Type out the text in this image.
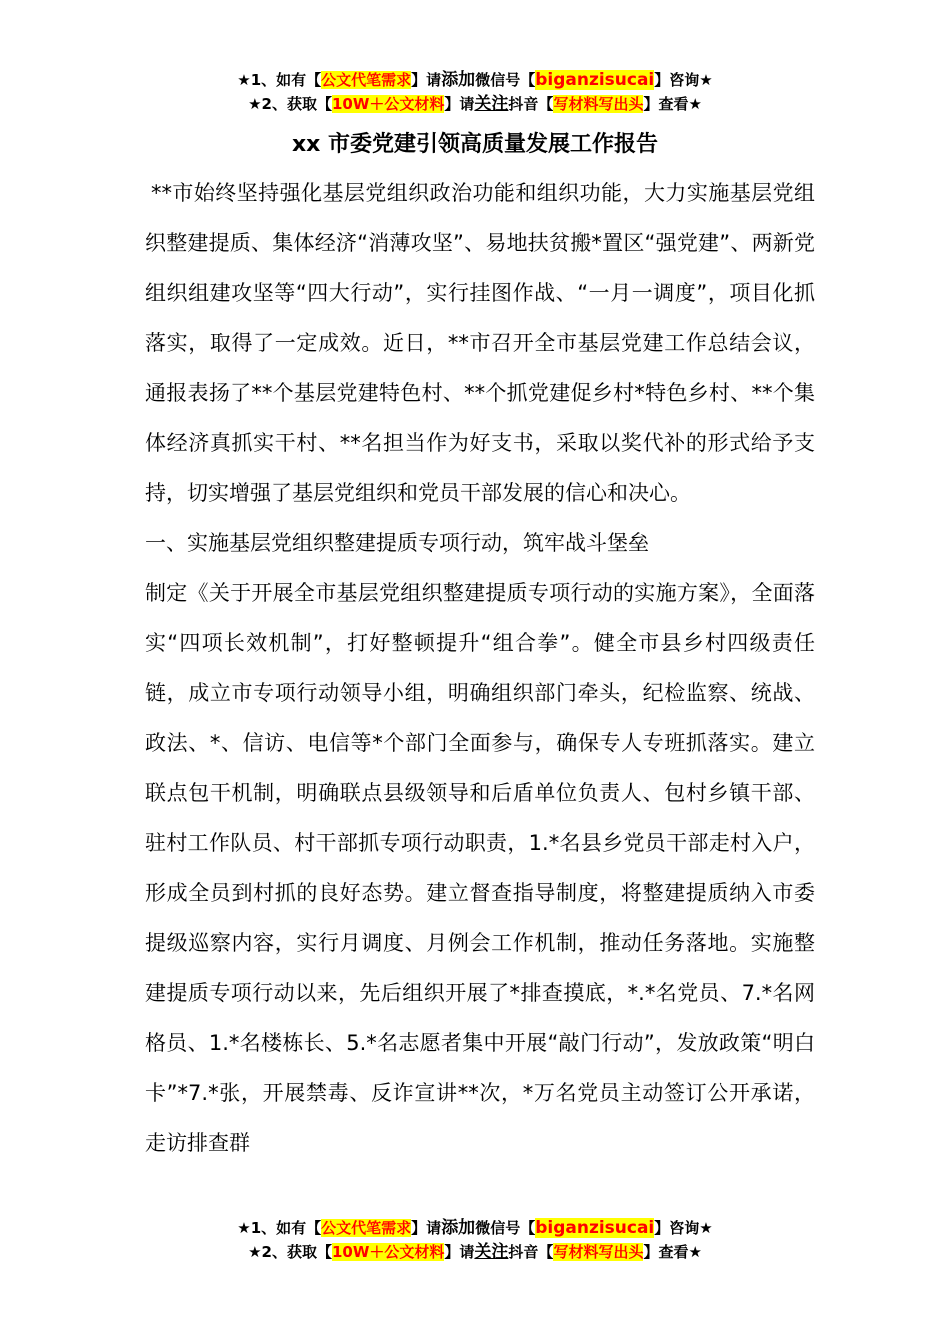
★1、如有【公文代笔需求】请添加微信号【biganzisucai】咨询★
★2、获取【10W＋公文材料】请关注抖音【写材料写出头】查看★
xx 市委党建引领高质量发展工作报告

**市始终坚持强化基层党组织政治功能和组织功能，大力实施基层党组织整建提质、集体经济“消薄攻坚”、易地扶贫搬*置区“强党建”、两新党组织组建攻坚等“四大行动”，实行挂图作战、“一月一调度”，项目化抓落实，取得了一定成效。近日，**市召开全市基层党建工作总结会议，通报表扬了**个基层党建特色村、**个抓党建促乡村*特色乡村、**个集体经济真抓实干村、**名担当作为好支书，采取以奖代补的形式给予支持，切实增强了基层党组织和党员干部发展的信心和决心。

一、实施基层党组织整建提质专项行动，筑牢战斗堡垒

制定《关于开展全市基层党组织整建提质专项行动的实施方案》，全面落实“四项长效机制”，打好整顿提升“组合拳”。健全市县乡村四级责任链，成立市专项行动领导小组，明确组织部门牵头，纪检监察、统战、政法、*、信访、电信等*个部门全面参与，确保专人专班抓落实。建立联点包干机制，明确联点县级领导和后盾单位负责人、包村乡镇干部、驻村工作队员、村干部抓专项行动职责，1.*名县乡党员干部走村入户，形成全员到村抓的良好态势。建立督查指导制度，将整建提质纳入市委提级巡察内容，实行月调度、月例会工作机制，推动任务落地。实施整建提质专项行动以来，先后组织开展了*排查摸底，*.*名党员、7.*名网格员、1.*名楼栋长、5.*名志愿者集中开展“敲门行动”，发放政策“明白卡”*7.*张，开展禁毒、反诈宣讲**次，*万名党员主动签订公开承诺，走访排查群

★1、如有【公文代笔需求】请添加微信号【biganzisucai】咨询★
★2、获取【10W＋公文材料】请关注抖音【写材料写出头】查看★
